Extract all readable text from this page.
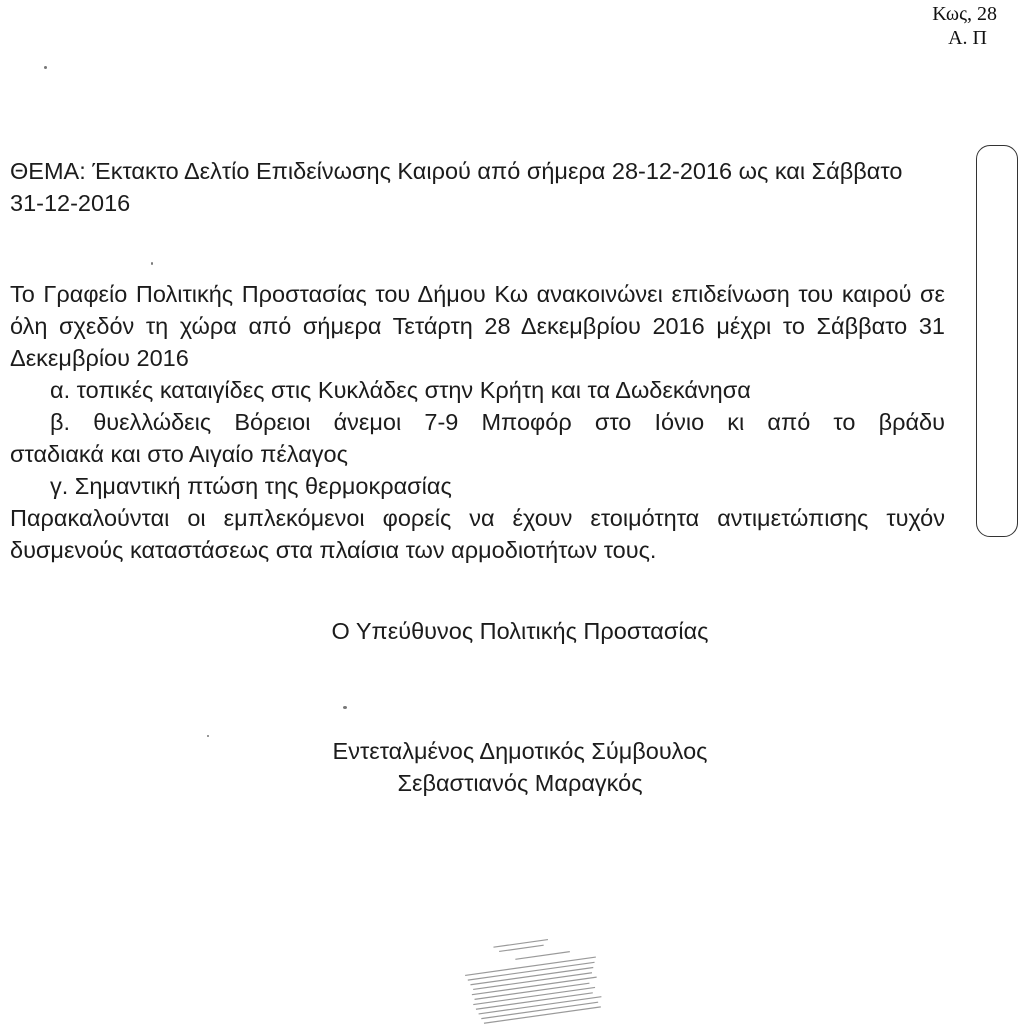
Κως, 28
Α. Π
ΘΕΜΑ: Έκτακτο Δελτίο Επιδείνωσης Καιρού από σήμερα 28-12-2016 ως και Σάββατο 31-12-2016

Το Γραφείο Πολιτικής Προστασίας του Δήμου Κω ανακοινώνει επιδείνωση του καιρού σε όλη σχεδόν τη χώρα από σήμερα Τετάρτη 28 Δεκεμβρίου 2016 μέχρι το Σάββατο 31 Δεκεμβρίου 2016

α. τοπικές καταιγίδες στις Κυκλάδες στην Κρήτη και τα Δωδεκάνησα

β. θυελλώδεις Βόρειοι άνεμοι 7-9 Μποφόρ στο Ιόνιο κι από το βράδυ

σταδιακά και στο Αιγαίο πέλαγος

γ. Σημαντική πτώση της θερμοκρασίας

Παρακαλούνται οι εμπλεκόμενοι φορείς να έχουν ετοιμότητα αντιμετώπισης τυχόν δυσμενούς καταστάσεως στα πλαίσια των αρμοδιοτήτων τους.

Ο Υπεύθυνος Πολιτικής Προστασίας
Εντεταλμένος Δημοτικός Σύμβουλος
Σεβαστιανός Μαραγκός
